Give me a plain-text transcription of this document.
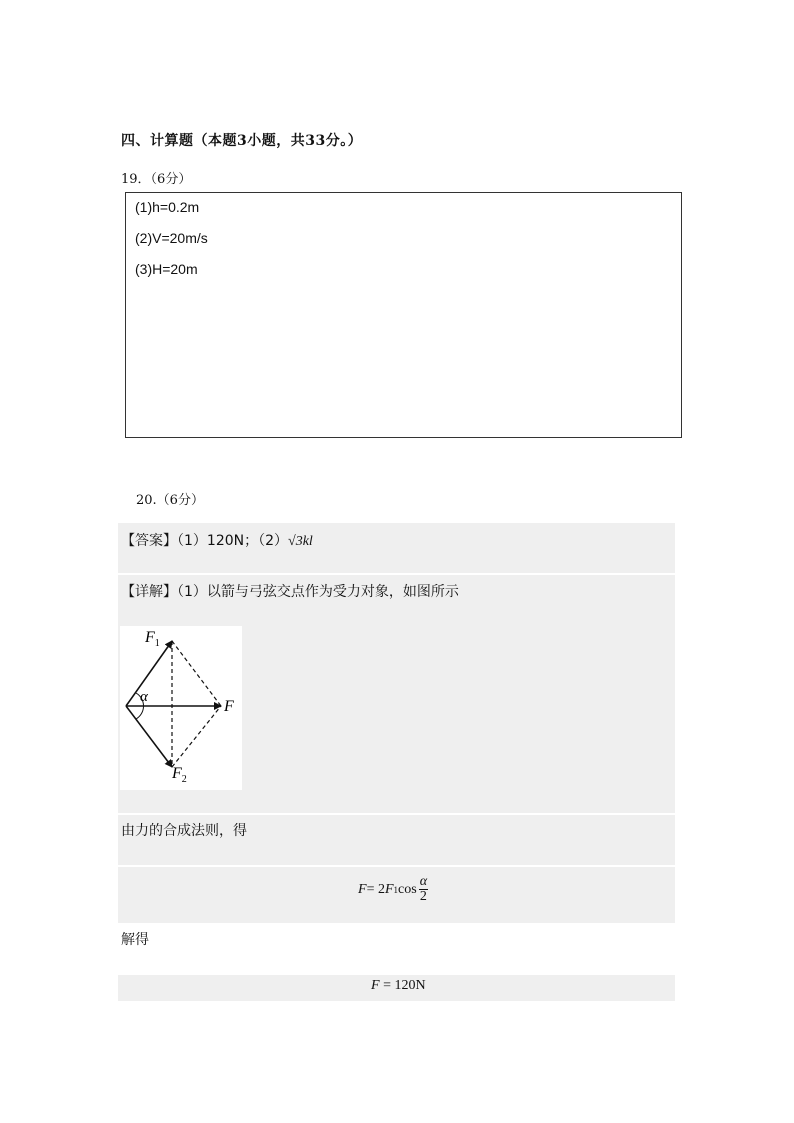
四、计算题（本题3小题，共33分。）
19．（6分）
(1)h=0.2m
(2)V=20m/s
(3)H=20m
20.（6分）
【答案】（1）120N；（2）√3kl
【详解】（1）以箭与弓弦交点作为受力对象，如图所示
α
$F_1$
$F_2$
F
由力的合成法则，得
F = 2 F 1 cos α
2
解得
F = 120N
